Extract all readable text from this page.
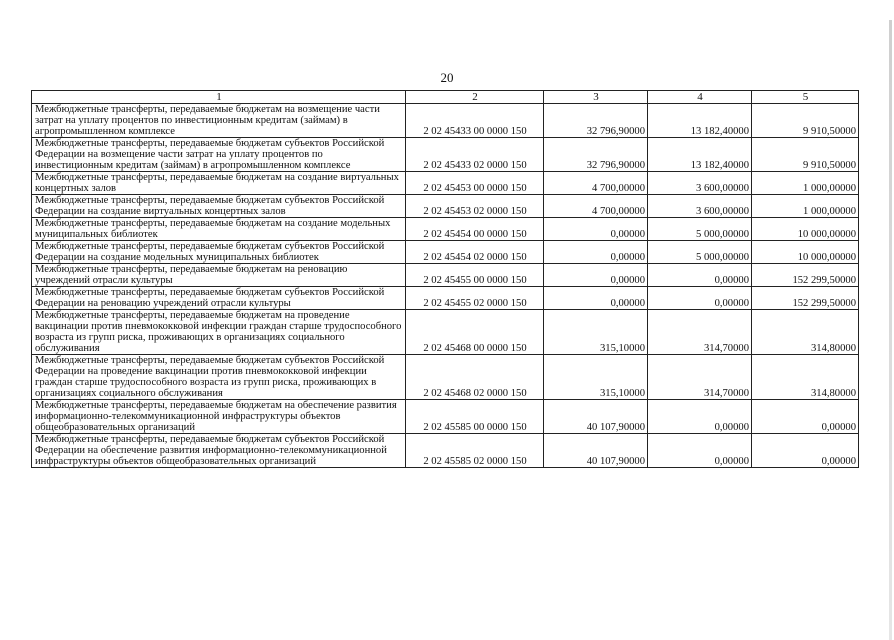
20
1	2	3	4	5
Межбюджетные трансферты, передаваемые бюджетам на возмещение части затрат на уплату процентов по инвестиционным кредитам (займам) в агропромышленном комплексе	2 02 45433 00 0000 150	32 796,90000	13 182,40000	9 910,50000
Межбюджетные трансферты, передаваемые бюджетам субъектов Российской Федерации на возмещение части затрат на уплату процентов по инвестиционным кредитам (займам) в агропромышленном комплексе	2 02 45433 02 0000 150	32 796,90000	13 182,40000	9 910,50000
Межбюджетные трансферты, передаваемые бюджетам на создание виртуальных концертных залов	2 02 45453 00 0000 150	4 700,00000	3 600,00000	1 000,00000
Межбюджетные трансферты, передаваемые бюджетам субъектов Российской Федерации на создание виртуальных концертных залов	2 02 45453 02 0000 150	4 700,00000	3 600,00000	1 000,00000
Межбюджетные трансферты, передаваемые бюджетам на создание модельных муниципальных библиотек	2 02 45454 00 0000 150	0,00000	5 000,00000	10 000,00000
Межбюджетные трансферты, передаваемые бюджетам субъектов Российской Федерации на создание модельных муниципальных библиотек	2 02 45454 02 0000 150	0,00000	5 000,00000	10 000,00000
Межбюджетные трансферты, передаваемые бюджетам на реновацию учреждений отрасли культуры	2 02 45455 00 0000 150	0,00000	0,00000	152 299,50000
Межбюджетные трансферты, передаваемые бюджетам субъектов Российской Федерации на реновацию учреждений отрасли культуры	2 02 45455 02 0000 150	0,00000	0,00000	152 299,50000
Межбюджетные трансферты, передаваемые бюджетам на проведение вакцинации против пневмококковой инфекции граждан старше трудоспособного возраста из групп риска, проживающих в организациях социального обслуживания	2 02 45468 00 0000 150	315,10000	314,70000	314,80000
Межбюджетные трансферты, передаваемые бюджетам субъектов Российской Федерации на проведение вакцинации против пневмококковой инфекции граждан старше трудоспособного возраста из групп риска, проживающих в организациях социального обслуживания	2 02 45468 02 0000 150	315,10000	314,70000	314,80000
Межбюджетные трансферты, передаваемые бюджетам на обеспечение развития информационно-телекоммуникационной инфраструктуры объектов общеобразовательных организаций	2 02 45585 00 0000 150	40 107,90000	0,00000	0,00000
Межбюджетные трансферты, передаваемые бюджетам субъектов Российской Федерации на обеспечение развития информационно-телекоммуникационной инфраструктуры объектов общеобразовательных организаций	2 02 45585 02 0000 150	40 107,90000	0,00000	0,00000
